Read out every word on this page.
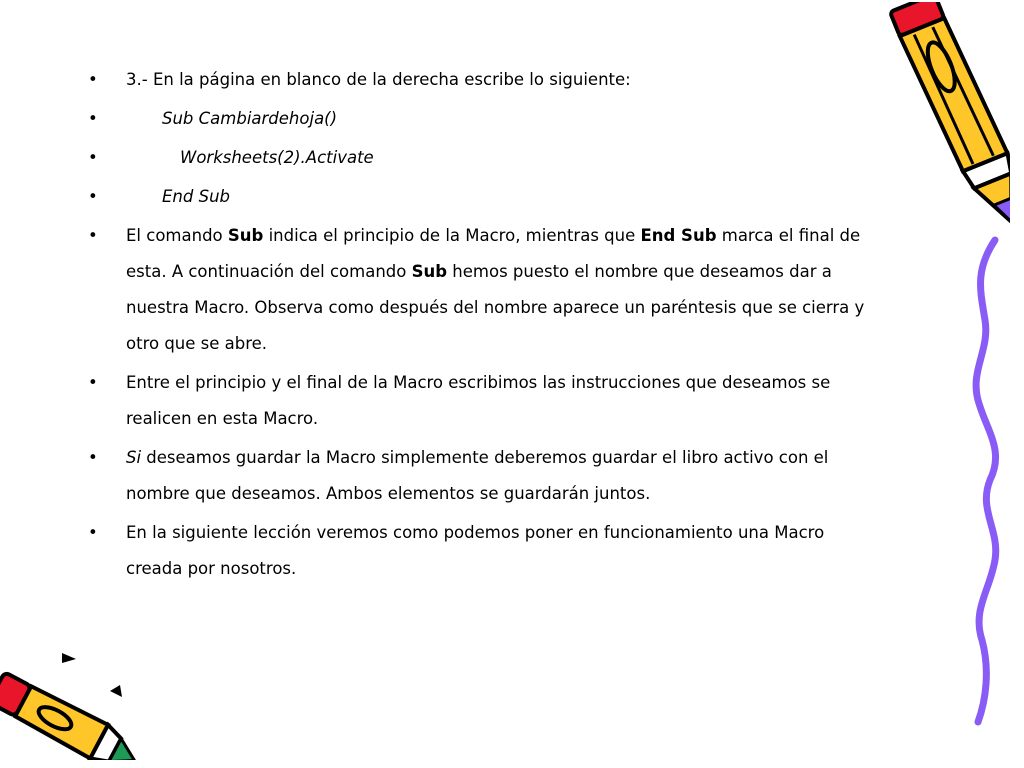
• 3.- En la página en blanco de la derecha escribe lo siguiente:
• Sub Cambiardehoja()
• Worksheets(2).Activate
• End Sub
• El comando Sub indica el principio de la Macro, mientras que End Sub marca el final de esta. A continuación del comando Sub hemos puesto el nombre que deseamos dar a nuestra Macro. Observa como después del nombre aparece un paréntesis que se cierra y otro que se abre.
• Entre el principio y el final de la Macro escribimos las instrucciones que deseamos se realicen en esta Macro.
• Si deseamos guardar la Macro simplemente deberemos guardar el libro activo con el nombre que deseamos. Ambos elementos se guardarán juntos.
• En la siguiente lección veremos como podemos poner en funcionamiento una Macro creada por nosotros.
